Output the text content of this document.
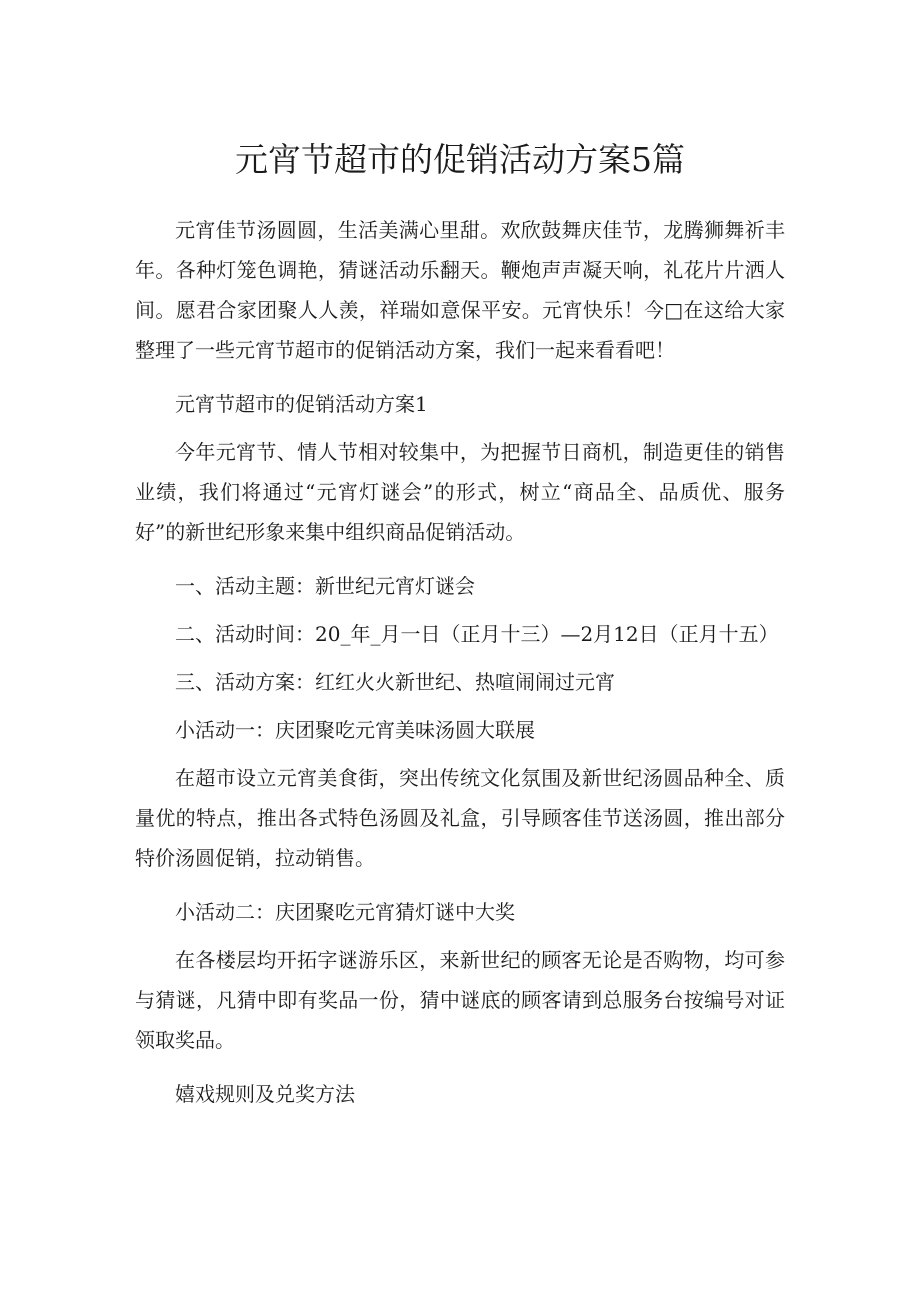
元宵节超市的促销活动方案5篇

元宵佳节汤圆圆，生活美满心里甜。欢欣鼓舞庆佳节，龙腾狮舞祈丰年。各种灯笼色调艳，猜谜活动乐翻天。鞭炮声声凝天响，礼花片片洒人间。愿君合家团聚人人羡，祥瑞如意保平安。元宵快乐！今□在这给大家整理了一些元宵节超市的促销活动方案，我们一起来看看吧！

元宵节超市的促销活动方案1

今年元宵节、情人节相对较集中，为把握节日商机，制造更佳的销售业绩，我们将通过“元宵灯谜会”的形式，树立“商品全、品质优、服务好”的新世纪形象来集中组织商品促销活动。

一、活动主题：新世纪元宵灯谜会

二、活动时间：20_年_月一日（正月十三）—2月12日（正月十五）

三、活动方案：红红火火新世纪、热喧闹闹过元宵

小活动一：庆团聚吃元宵美味汤圆大联展

在超市设立元宵美食街，突出传统文化氛围及新世纪汤圆品种全、质量优的特点，推出各式特色汤圆及礼盒，引导顾客佳节送汤圆，推出部分特价汤圆促销，拉动销售。

小活动二：庆团聚吃元宵猜灯谜中大奖

在各楼层均开拓字谜游乐区，来新世纪的顾客无论是否购物，均可参与猜谜，凡猜中即有奖品一份，猜中谜底的顾客请到总服务台按编号对证领取奖品。

嬉戏规则及兑奖方法
